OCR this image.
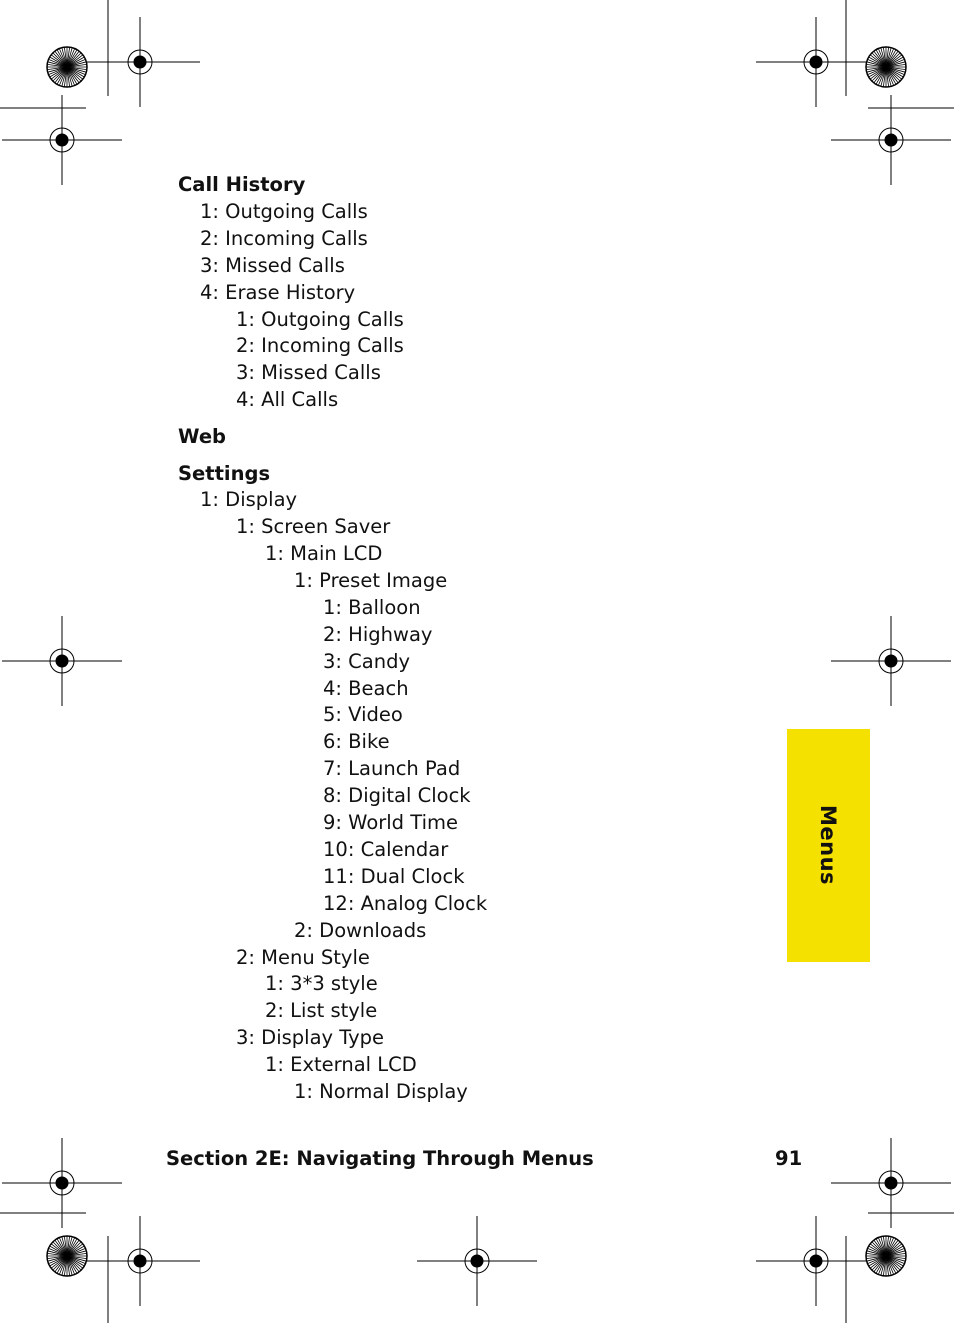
Call History
1: Outgoing Calls
2: Incoming Calls
3: Missed Calls
4: Erase History
1: Outgoing Calls
2: Incoming Calls
3: Missed Calls
4: All Calls
Web
Settings
1: Display
1: Screen Saver
1: Main LCD
1: Preset Image
1: Balloon
2: Highway
3: Candy
4: Beach
5: Video
6: Bike
7: Launch Pad
8: Digital Clock
9: World Time
10: Calendar
11: Dual Clock
12: Analog Clock
2: Downloads
2: Menu Style
1: 3*3 style
2: List style
3: Display Type
1: External LCD
1: Normal Display
Section 2E: Navigating Through Menus	91
Menus
